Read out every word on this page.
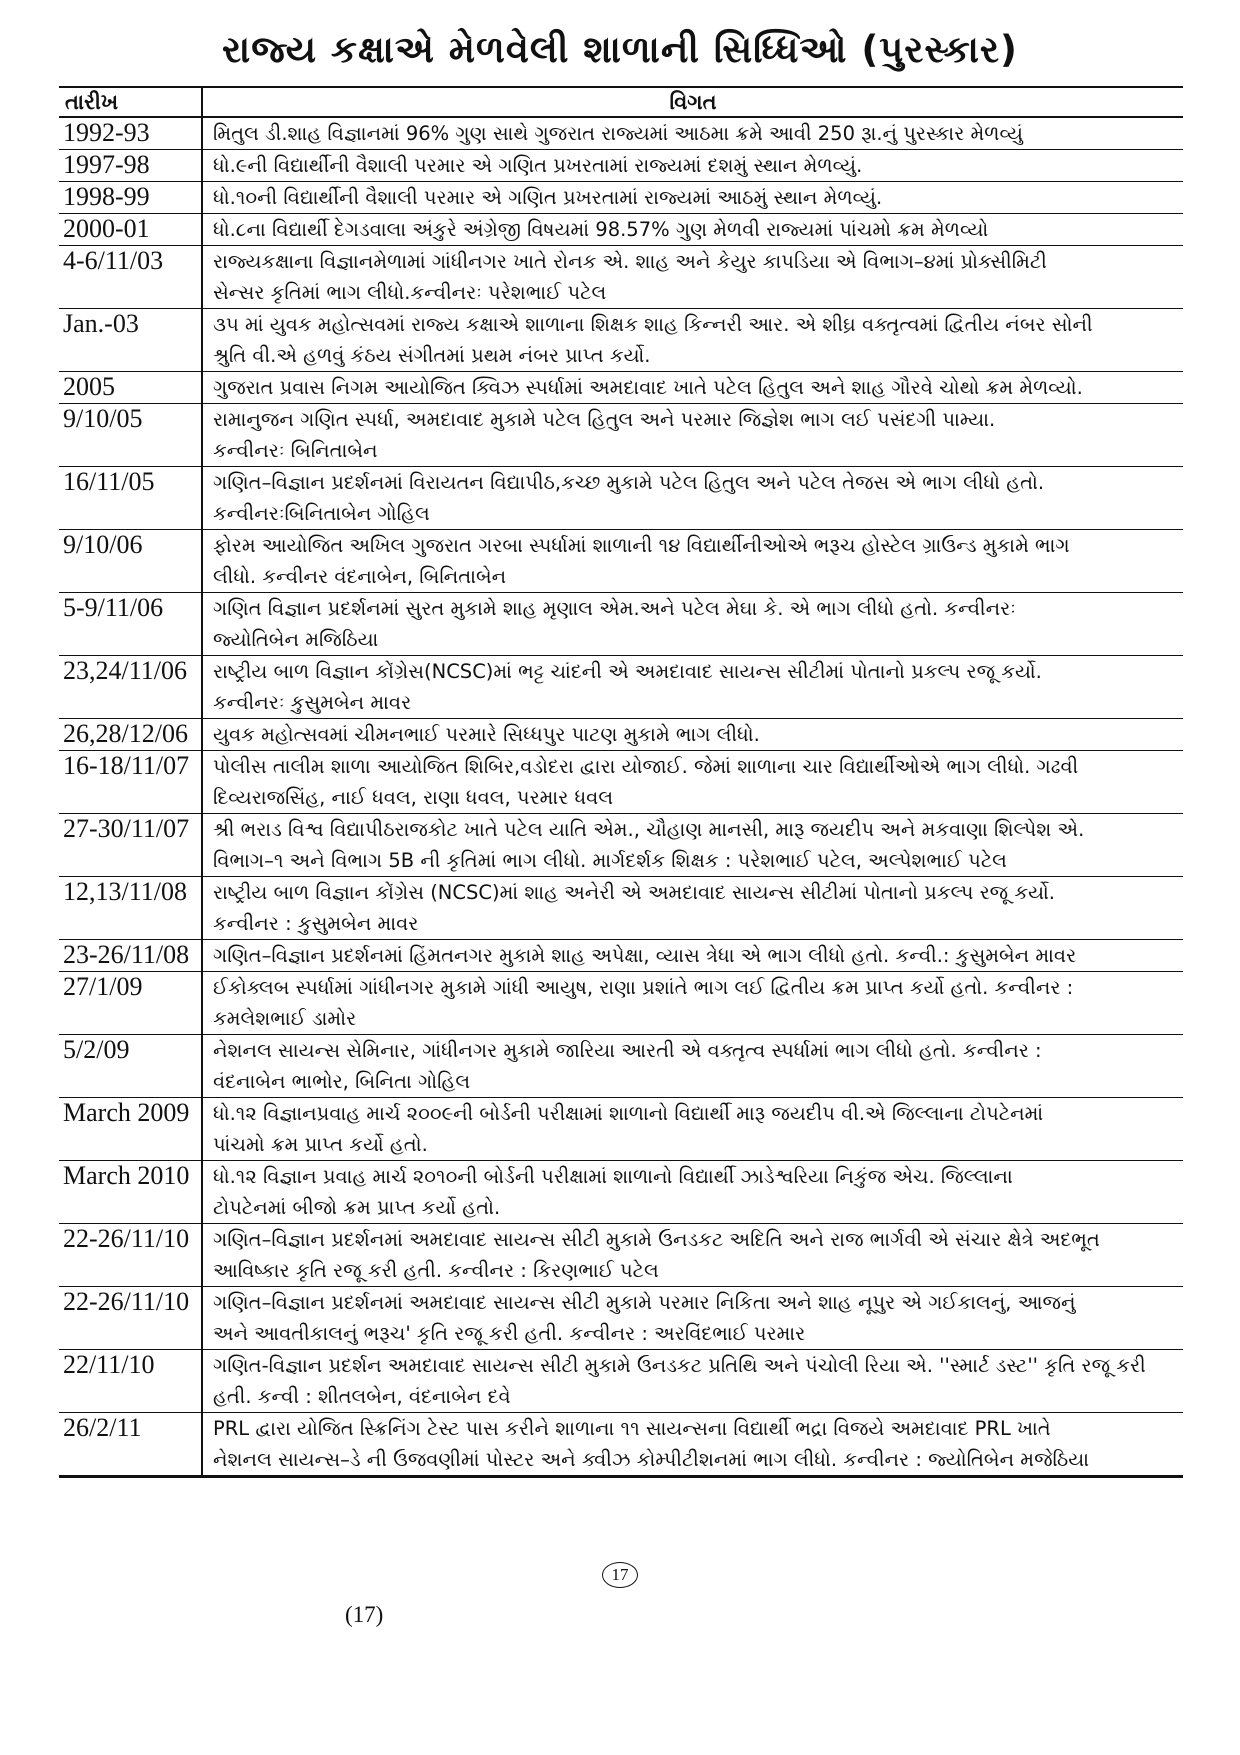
રાજ્ય કક્ષાએ મેળવેલી શાળાની સિધ્ધિઓ (પુરસ્કાર)
તારીખ	વિગત
1992-93	મિતુલ ડી.શાહ વિજ્ઞાનમાં 96% ગુણ સાથે ગુજરાત રાજ્યમાં આઠમા ક્રમે આવી 250 રૂા.નું પુરસ્કાર મેળવ્યું

1997-98	ધો.૯ની વિદ્યાર્થીની વૈશાલી પરમાર એ ગણિત પ્રખરતામાં રાજ્યમાં દશમું સ્થાન મેળવ્યું.

1998-99	ધો.૧૦ની વિદ્યાર્થીની વૈશાલી પરમાર એ ગણિત પ્રખરતામાં રાજ્યમાં આઠમું સ્થાન મેળવ્યું.

2000-01	ધો.૮ના વિદ્યાર્થી દેગડવાલા અંકુરે અંગ્રેજી વિષયમાં 98.57% ગુણ મેળવી રાજ્યમાં પાંચમો ક્રમ મેળવ્યો

4-6/11/03	રાજ્યકક્ષાના વિજ્ઞાનમેળામાં ગાંધીનગર ખાતે રોનક એ. શાહ અને કેયુર કાપડિયા એ વિભાગ–૪માં પ્રોક્સીમિટી
સેન્સર કૃતિમાં ભાગ લીધો.કન્વીનરઃ પરેશભાઈ પટેલ

Jan.-03	૩૫ માં યુવક મહોત્સવમાં રાજ્ય કક્ષાએ શાળાના શિક્ષક શાહ કિન્નરી આર. એ શીઘ્ર વક્તૃત્વમાં દ્વિતીય નંબર સોની
શ્રુતિ વી.એ હળવું કંઠય સંગીતમાં પ્રથમ નંબર પ્રાપ્ત કર્યો.

2005	ગુજરાત પ્રવાસ નિગમ આયોજિત ક્વિઝ સ્પર્ધામાં અમદાવાદ ખાતે પટેલ હિતુલ અને શાહ ગૌરવે ચોથો ક્રમ મેળવ્યો.

9/10/05	રામાનુજન ગણિત સ્પર્ધા, અમદાવાદ મુકામે પટેલ હિતુલ અને પરમાર જિજ્ઞેશ ભાગ લઈ પસંદગી પામ્યા.
કન્વીનરઃ બિનિતાબેન

16/11/05	ગણિત–વિજ્ઞાન પ્રદર્શનમાં વિરાયતન વિદ્યાપીઠ,કચ્છ મુકામે પટેલ હિતુલ અને પટેલ તેજસ એ ભાગ લીધો હતો.
કન્વીનરઃબિનિતાબેન ગોહિલ

9/10/06	ફોરમ આયોજિત અખિલ ગુજરાત ગરબા સ્પર્ધામાં શાળાની ૧૪ વિદ્યાર્થીનીઓએ ભરૂચ હોસ્ટેલ ગ્રાઉન્ડ મુકામે ભાગ
લીધો. કન્વીનર વંદનાબેન, બિનિતાબેન

5-9/11/06	ગણિત વિજ્ઞાન પ્રદર્શનમાં સુરત મુકામે શાહ મૃણાલ એમ.અને પટેલ મેઘા કે. એ ભાગ લીધો હતો. કન્વીનરઃ
જ્યોતિબેન મજિઠિયા

23,24/11/06	રાષ્ટ્રીય બાળ વિજ્ઞાન કોંગ્રેસ(NCSC)માં ભટ્ટ ચાંદની એ અમદાવાદ સાયન્સ સીટીમાં પોતાનો પ્રકલ્પ રજૂ કર્યો.
કન્વીનરઃ કુસુમબેન માવર

26,28/12/06	યુવક મહોત્સવમાં ચીમનભાઈ પરમારે સિધ્ધપુર પાટણ મુકામે ભાગ લીધો.

16-18/11/07	પોલીસ તાલીમ શાળા આયોજિત શિબિર,વડોદરા દ્વારા યોજાઈ. જેમાં શાળાના ચાર વિદ્યાર્થીઓએ ભાગ લીધો. ગઢવી
દિવ્યરાજસિંહ, નાઈ ધવલ, રાણા ધવલ, પરમાર ધવલ

27-30/11/07	શ્રી ભરાડ વિશ્વ વિદ્યાપીઠરાજકોટ ખાતે પટેલ યાતિ એમ., ચૌહાણ માનસી, મારૂ જયદીપ અને મકવાણા શિલ્પેશ એ.
વિભાગ–૧ અને વિભાગ 5B ની કૃતિમાં ભાગ લીધો. માર્ગદર્શક શિક્ષક : પરેશભાઈ પટેલ, અલ્પેશભાઈ પટેલ

12,13/11/08	રાષ્ટ્રીય બાળ વિજ્ઞાન કોંગ્રેસ (NCSC)માં શાહ અનેરી એ અમદાવાદ સાયન્સ સીટીમાં પોતાનો પ્રકલ્પ રજૂ કર્યો.
કન્વીનર : કુસુમબેન માવર

23-26/11/08	ગણિત–વિજ્ઞાન પ્રદર્શનમાં હિંમતનગર મુકામે શાહ અપેક્ષા, વ્યાસ ત્રેધા એ ભાગ લીધો હતો. કન્વી.: કુસુમબેન માવર

27/1/09	ઈકોક્લબ સ્પર્ધામાં ગાંધીનગર મુકામે ગાંધી આયુષ, રાણા પ્રશાંતે ભાગ લઈ દ્વિતીય ક્રમ પ્રાપ્ત કર્યો હતો. કન્વીનર :
કમલેશભાઈ ડામોર

5/2/09	નેશનલ સાયન્સ સેમિનાર, ગાંધીનગર મુકામે જારિયા આરતી એ વક્તૃત્વ સ્પર્ધામાં ભાગ લીધો હતો. કન્વીનર :
વંદનાબેન ભાભોર, બિનિતા ગોહિલ

March 2009	ધો.૧૨ વિજ્ઞાનપ્રવાહ માર્ચ ૨૦૦૯ની બોર્ડની પરીક્ષામાં શાળાનો વિદ્યાર્થી મારૂ જયદીપ વી.એ જિલ્લાના ટોપટેનમાં
પાંચમો ક્રમ પ્રાપ્ત કર્યો હતો.

March 2010	ધો.૧૨ વિજ્ઞાન પ્રવાહ માર્ચ ૨૦૧૦ની બોર્ડની પરીક્ષામાં શાળાનો વિદ્યાર્થી ઝાડેશ્વરિયા નિકુંજ એચ. જિલ્લાના
ટોપટેનમાં બીજો ક્રમ પ્રાપ્ત કર્યો હતો.

22-26/11/10	ગણિત–વિજ્ઞાન પ્રદર્શનમાં અમદાવાદ સાયન્સ સીટી મુકામે ઉનડકટ અદિતિ અને રાજ ભાર્ગવી એ સંચાર ક્ષેત્રે અદભૂત
આવિષ્કાર કૃતિ રજૂ કરી હતી. કન્વીનર : કિરણભાઈ પટેલ

22-26/11/10	ગણિત–વિજ્ઞાન પ્રદર્શનમાં અમદાવાદ સાયન્સ સીટી મુકામે પરમાર નિકિતા અને શાહ નૂપુર એ ગઈકાલનું, આજનું
અને આવતીકાલનું ભરૂચ' કૃતિ રજૂ કરી હતી. કન્વીનર : અરવિંદભાઈ પરમાર

22/11/10	ગણિત-વિજ્ઞાન પ્રદર્શન અમદાવાદ સાયન્સ સીટી મુકામે ઉનડકટ પ્રતિથિ અને પંચોલી રિયા એ. ''સ્માર્ટ ડસ્ટ'' કૃતિ રજૂ કરી
હતી. કન્વી : શીતલબેન, વંદનાબેન દવે

26/2/11	PRL દ્વારા યોજિત સ્ક્રિનિંગ ટેસ્ટ પાસ કરીને શાળાના ૧૧ સાયન્સના વિદ્યાર્થી ભદ્રા વિજયે અમદાવાદ PRL ખાતે
નેશનલ સાયન્સ–ડે ની ઉજવણીમાં પોસ્ટર અને ક્વીઝ કોમ્પીટીશનમાં ભાગ લીધો. કન્વીનર : જ્યોતિબેન મજેઠિયા
17
(17)
